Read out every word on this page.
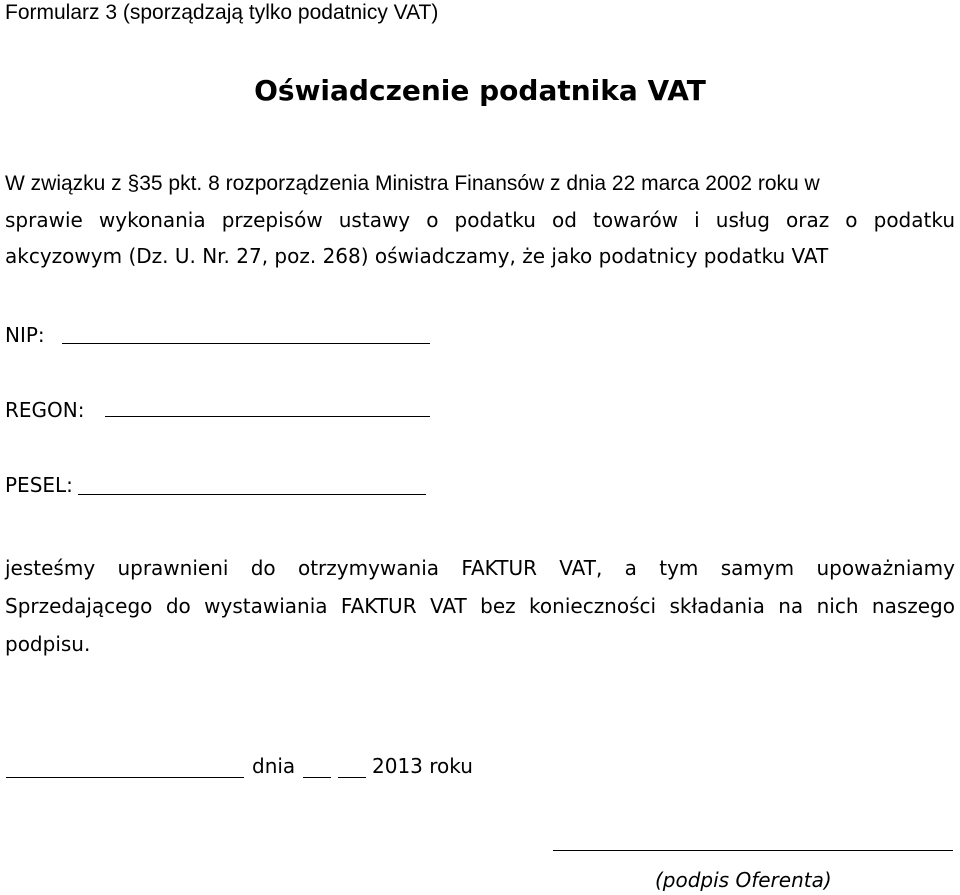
Formularz 3 (sporządzają tylko podatnicy VAT)
Oświadczenie podatnika VAT
W związku z §35 pkt. 8 rozporządzenia Ministra Finansów z dnia 22 marca 2002 roku w
sprawie wykonania przepisów ustawy o podatku od towarów i usług oraz o podatku
akcyzowym (Dz. U. Nr. 27, poz. 268) oświadczamy, że jako podatnicy podatku VAT
NIP:
REGON:
PESEL:
jesteśmy uprawnieni do otrzymywania FAKTUR VAT, a tym samym upoważniamy
Sprzedającego do wystawiania FAKTUR VAT bez konieczności składania na nich naszego
podpisu.
dnia	2013 roku
(podpis Oferenta)
